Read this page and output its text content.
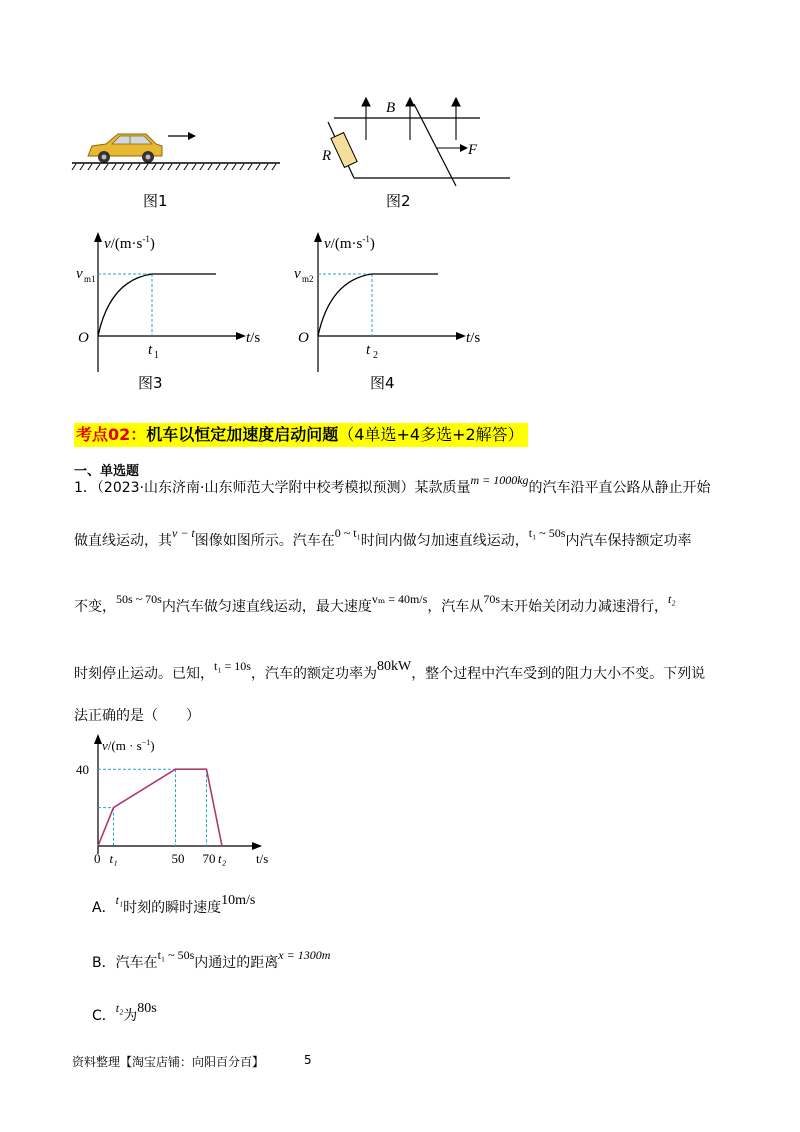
图1
B
R	F
图2
$v/(m\cdot s^{-1})$
v m1
O
t 1
t/s
图3
$v/(m\cdot s^{-1})$
v m2
O
t 2
t/s
图4
考点02：机车以恒定加速度启动问题（4单选+4多选+2解答）
一、单选题
1．（2023·山东济南·山东师范大学附中校考模拟预测）某款质量m = 1000kg的汽车沿平直公路从静止开始
做直线运动，其v − t图像如图所示。汽车在0 ~ t₁时间内做匀加速直线运动，t₁ ~ 50s内汽车保持额定功率
不变，50s ~ 70s内汽车做匀速直线运动，最大速度vₘ = 40m/s，汽车从70s末开始关闭动力减速滑行，t₂
时刻停止运动。已知，t₁ = 10s，汽车的额定功率为80kW，整个过程中汽车受到的阻力大小不变。下列说
法正确的是（　　）
$v/(m \cdot s^{-1})$
0 t₁	50 70 t₂ t/s
40
A．t₁时刻的瞬时速度10m/s
B．汽车在t₁ ~ 50s内通过的距离x = 1300m
C．t₂为80s
资料整理【淘宝店铺：向阳百分百】	5
